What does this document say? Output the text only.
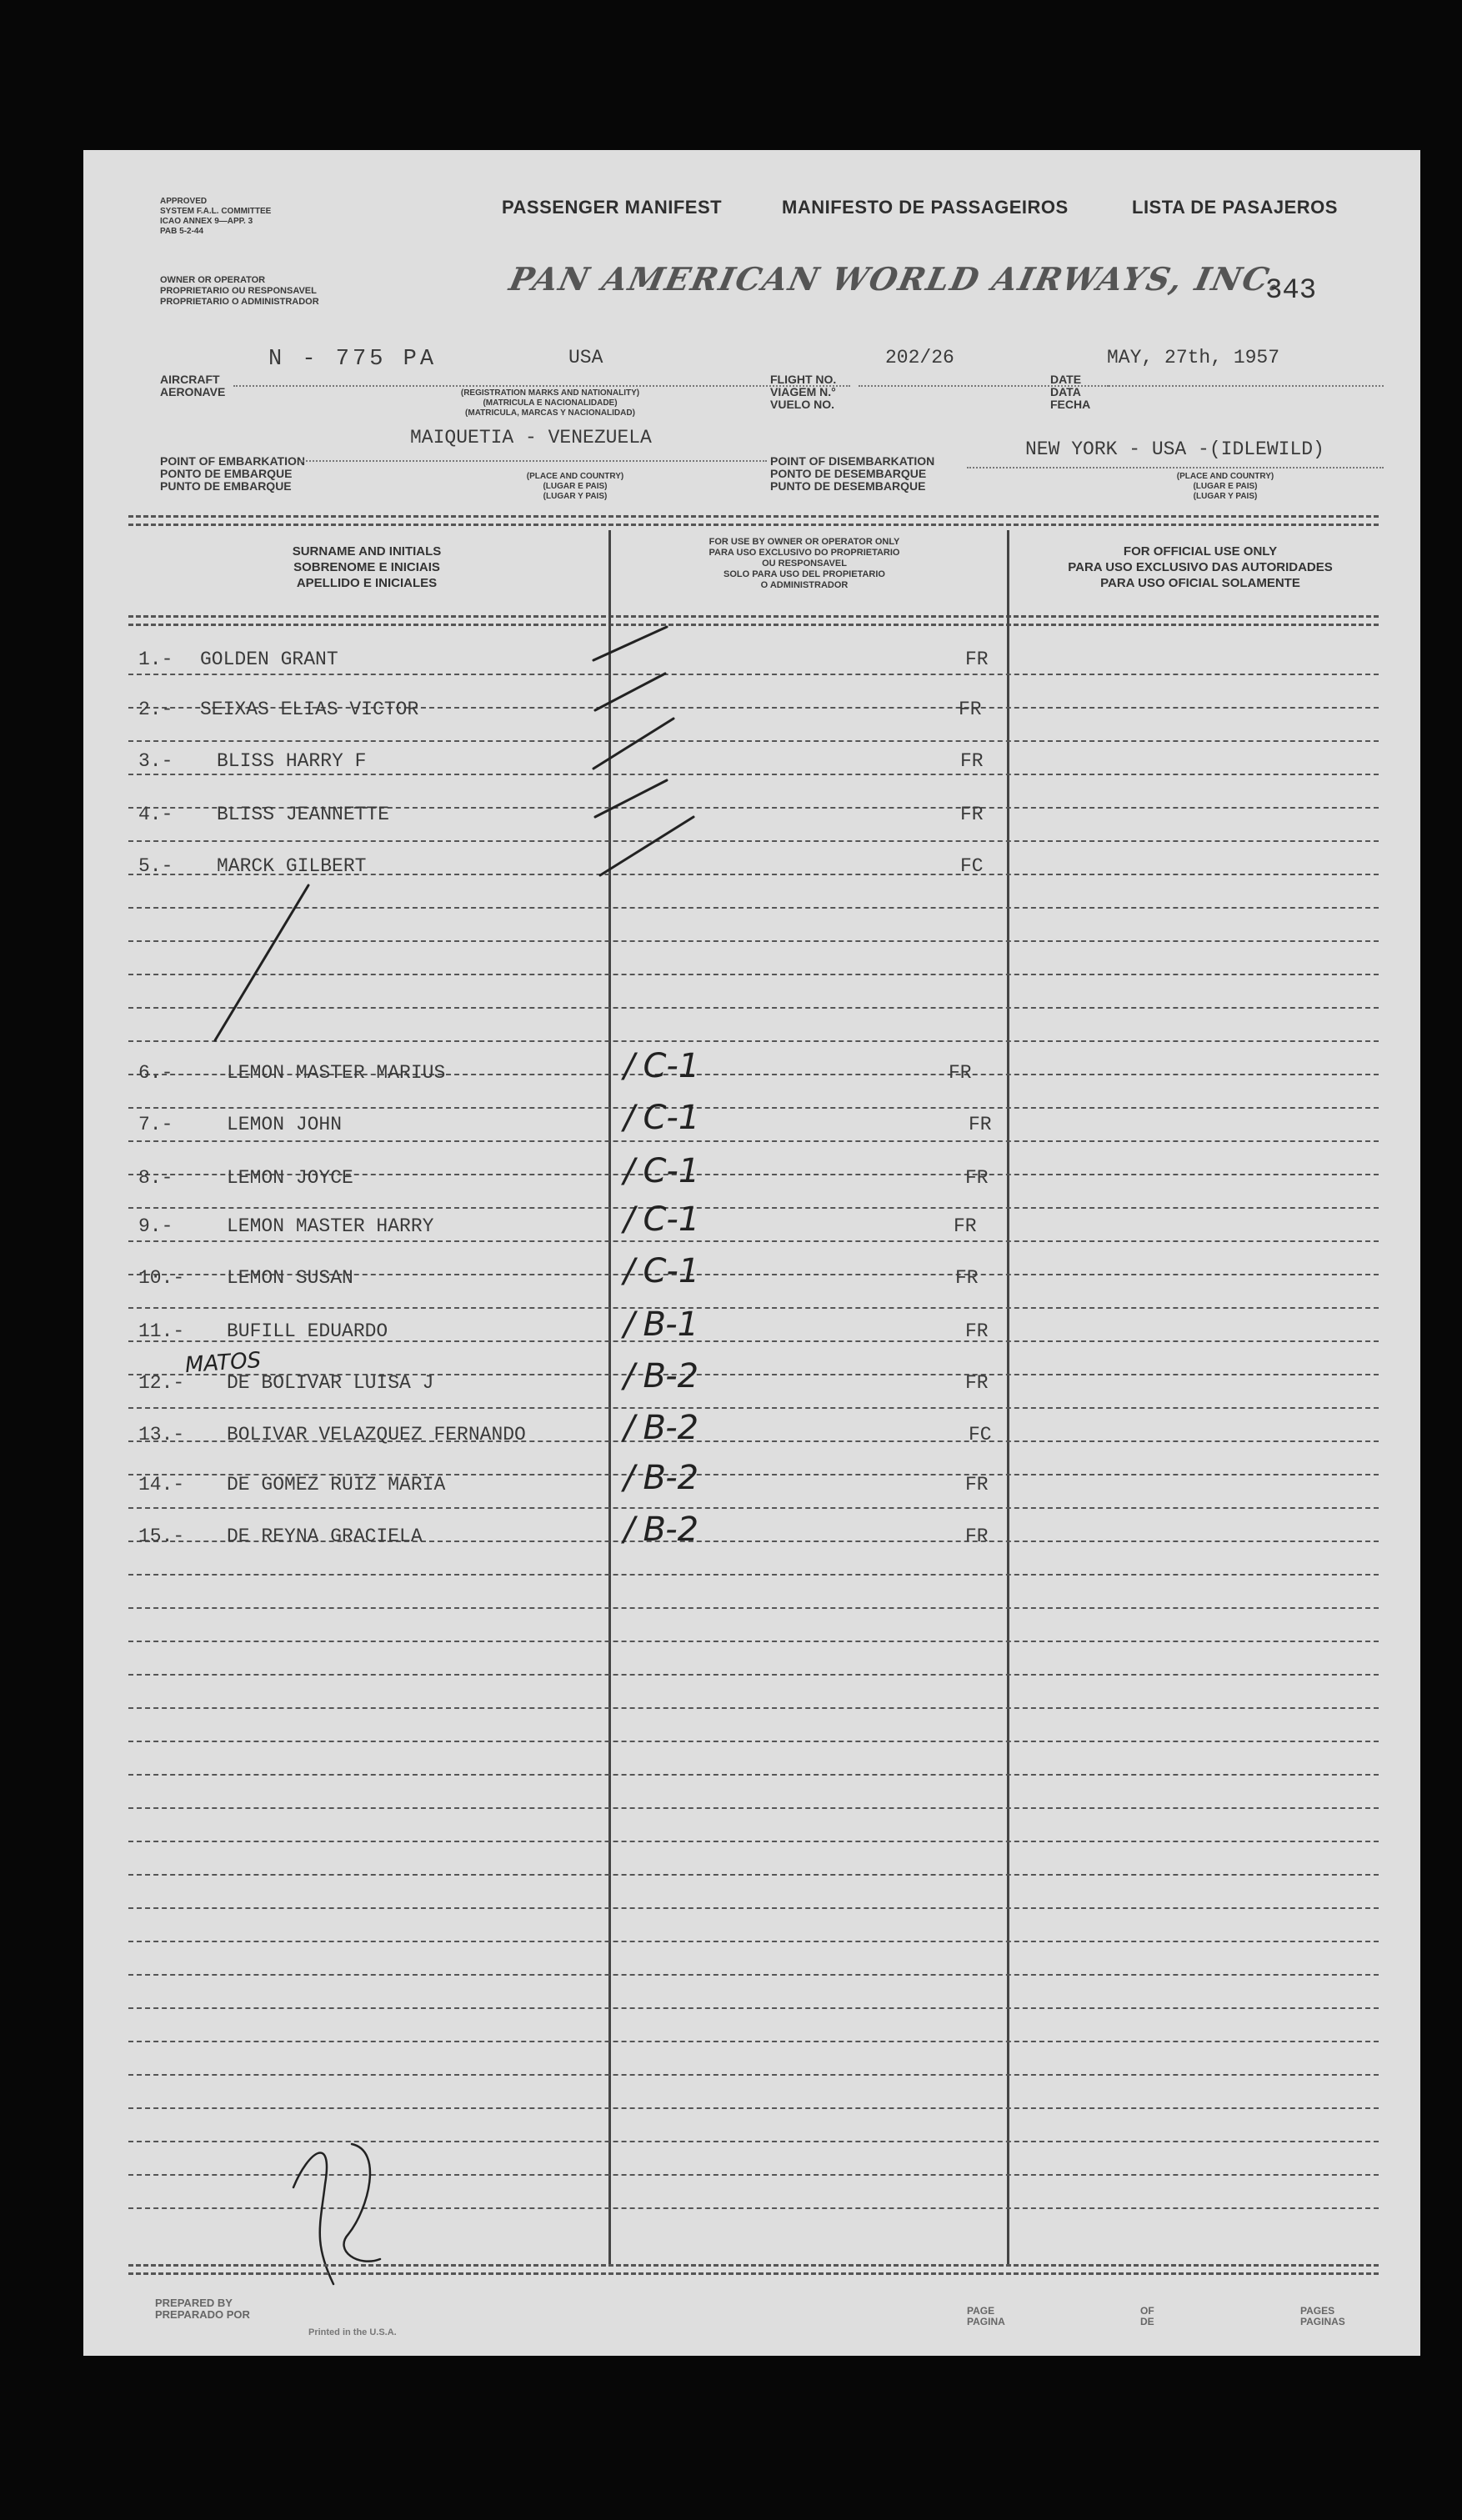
APPROVED
SYSTEM F.A.L. COMMITTEE
ICAO ANNEX 9—APP. 3
PAB 5-2-44
OWNER OR OPERATOR
PROPRIETARIO OU RESPONSAVEL
PROPRIETARIO O ADMINISTRADOR
PASSENGER MANIFEST	MANIFESTO DE PASSAGEIROS	LISTA DE PASAJEROS
PAN AMERICAN WORLD AIRWAYS, INC.
343
AIRCRAFT
AERONAVE
N - 775 PA	USA
(REGISTRATION MARKS AND NATIONALITY)
(MATRICULA E NACIONALIDADE)
(MATRICULA, MARCAS Y NACIONALIDAD)
FLIGHT NO.
VIAGEM N.°
VUELO NO.
202/26
DATE
DATA
FECHA
MAY, 27th, 1957
MAIQUETIA - VENEZUELA
POINT OF EMBARKATION
PONTO DE EMBARQUE
PUNTO DE EMBARQUE
(PLACE AND COUNTRY)
(LUGAR E PAIS)
(LUGAR Y PAIS)
POINT OF DISEMBARKATION
PONTO DE DESEMBARQUE
PUNTO DE DESEMBARQUE
NEW YORK - USA -(IDLEWILD)
(PLACE AND COUNTRY)
(LUGAR E PAIS)
(LUGAR Y PAIS)
SURNAME AND INITIALS
SOBRENOME E INICIAIS
APELLIDO E INICIALES
FOR USE BY OWNER OR OPERATOR ONLY
PARA USO EXCLUSIVO DO PROPRIETARIO
OU RESPONSAVEL
SOLO PARA USO DEL PROPIETARIO
O ADMINISTRADOR
FOR OFFICIAL USE ONLY
PARA USO EXCLUSIVO DAS AUTORIDADES
PARA USO OFICIAL SOLAMENTE
1.- GOLDEN GRANT	FR
2.- SEIXAS ELIAS VICTOR	FR
3.- BLISS HARRY F	FR
4.- BLISS JEANNETTE	FR
5.- MARCK GILBERT	FC
6.-	LEMON MASTER MARIUS	/ C-1	FR
7.-	LEMON JOHN	/ C-1	FR
8.-	LEMON JOYCE	/ C-1	FR
9.-	LEMON MASTER HARRY	/ C-1	FR
10.- LEMON SUSAN	/ C-1	FR
11.- BUFILL EDUARDO	/ B-1	FR
12.- DE BOLIVAR LUISA J	/ B-2	FR
13.- BOLIVAR VELAZQUEZ FERNANDO	/ B-2	FC
14.- DE GOMEZ RUIZ MARIA	/ B-2	FR
15.- DE REYNA GRACIELA	/ B-2	FR
MATOS
PREPARED BY
PREPARADO POR
Printed in the U.S.A.
PAGE
PAGINA
OF
DE
PAGES
PAGINAS
